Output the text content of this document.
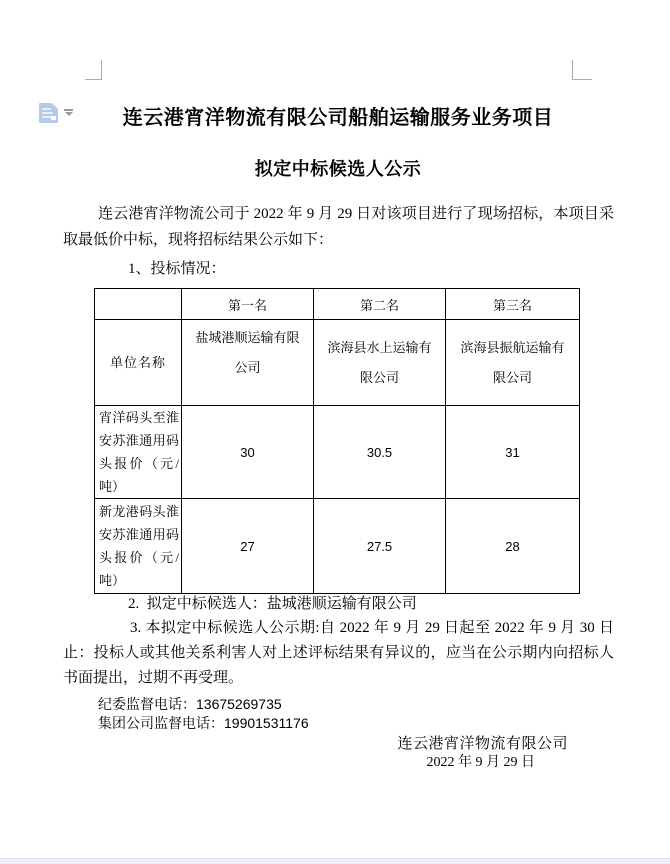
连云港宵洋物流有限公司船舶运输服务业务项目
拟定中标候选人公示
连云港宵洋物流公司于 2022 年 9 月 29 日对该项目进行了现场招标，本项目采取最低价中标，现将招标结果公示如下：
1、投标情况：
	第一名	第二名	第三名
单位名称	盐城港顺运输有限公司	滨海县水上运输有限公司	滨海县振航运输有限公司
宵洋码头至淮安苏淮通用码头报价（元/吨）	30	30.5	31
新龙港码头淮安苏淮通用码头报价（元/吨）	27	27.5	28
2.  拟定中标候选人：盐城港顺运输有限公司
3. 本拟定中标候选人公示期:自 2022 年 9 月 29 日起至 2022 年 9 月 30 日止：投标人或其他关系利害人对上述评标结果有异议的，应当在公示期内向招标人书面提出，过期不再受理。
纪委监督电话：13675269735
集团公司监督电话：19901531176
连云港宵洋物流有限公司
2022 年 9 月 29 日
